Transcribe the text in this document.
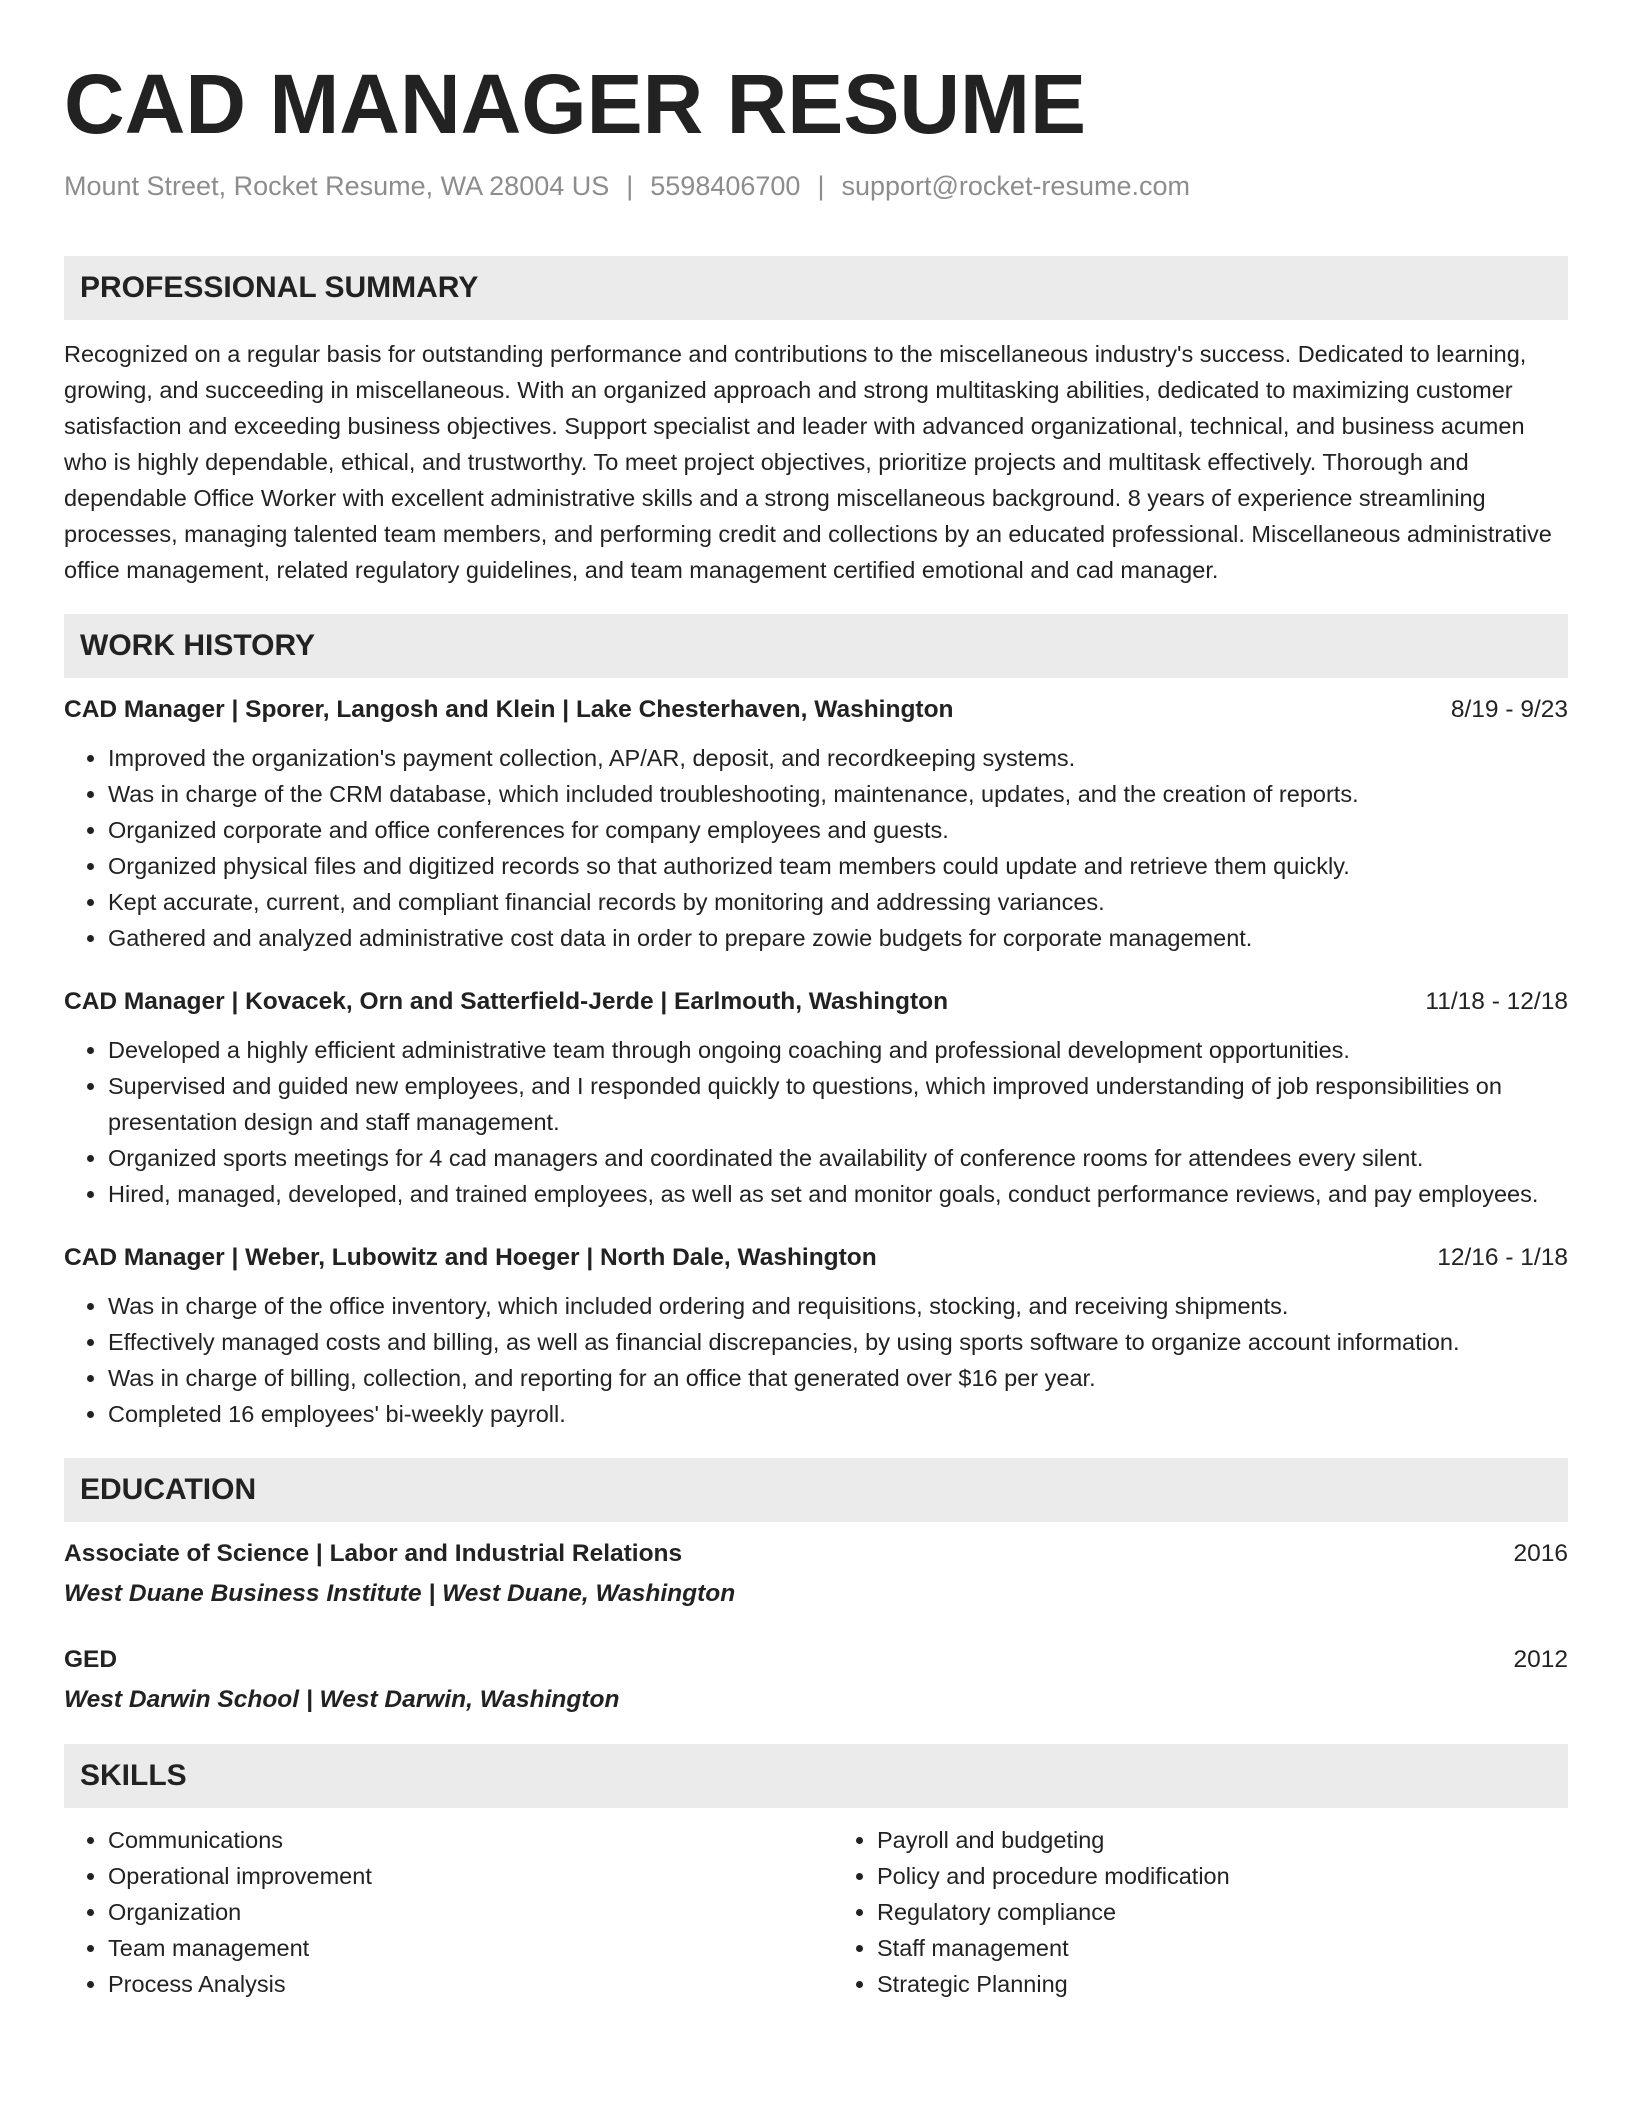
CAD MANAGER RESUME
Mount Street, Rocket Resume, WA 28004 US | 5598406700 | support@rocket-resume.com
PROFESSIONAL SUMMARY

Recognized on a regular basis for outstanding performance and contributions to the miscellaneous industry's success. Dedicated to learning, growing, and succeeding in miscellaneous. With an organized approach and strong multitasking abilities, dedicated to maximizing customer satisfaction and exceeding business objectives. Support specialist and leader with advanced organizational, technical, and business acumen who is highly dependable, ethical, and trustworthy. To meet project objectives, prioritize projects and multitask effectively. Thorough and dependable Office Worker with excellent administrative skills and a strong miscellaneous background. 8 years of experience streamlining processes, managing talented team members, and performing credit and collections by an educated professional. Miscellaneous administrative office management, related regulatory guidelines, and team management certified emotional and cad manager.

WORK HISTORY
CAD Manager | Sporer, Langosh and Klein | Lake Chesterhaven, Washington	8/19 - 9/23
• Improved the organization's payment collection, AP/AR, deposit, and recordkeeping systems.
• Was in charge of the CRM database, which included troubleshooting, maintenance, updates, and the creation of reports.
• Organized corporate and office conferences for company employees and guests.
• Organized physical files and digitized records so that authorized team members could update and retrieve them quickly.
• Kept accurate, current, and compliant financial records by monitoring and addressing variances.
• Gathered and analyzed administrative cost data in order to prepare zowie budgets for corporate management.
CAD Manager | Kovacek, Orn and Satterfield-Jerde | Earlmouth, Washington	11/18 - 12/18
• Developed a highly efficient administrative team through ongoing coaching and professional development opportunities.
• Supervised and guided new employees, and I responded quickly to questions, which improved understanding of job responsibilities on presentation design and staff management.
• Organized sports meetings for 4 cad managers and coordinated the availability of conference rooms for attendees every silent.
• Hired, managed, developed, and trained employees, as well as set and monitor goals, conduct performance reviews, and pay employees.
CAD Manager | Weber, Lubowitz and Hoeger | North Dale, Washington	12/16 - 1/18
• Was in charge of the office inventory, which included ordering and requisitions, stocking, and receiving shipments.
• Effectively managed costs and billing, as well as financial discrepancies, by using sports software to organize account information.
• Was in charge of billing, collection, and reporting for an office that generated over $16 per year.
• Completed 16 employees' bi-weekly payroll.
EDUCATION
Associate of Science | Labor and Industrial Relations	2016
West Duane Business Institute | West Duane, Washington
GED	2012
West Darwin School | West Darwin, Washington
SKILLS
• Communications
• Operational improvement
• Organization
• Team management
• Process Analysis
• Payroll and budgeting
• Policy and procedure modification
• Regulatory compliance
• Staff management
• Strategic Planning
